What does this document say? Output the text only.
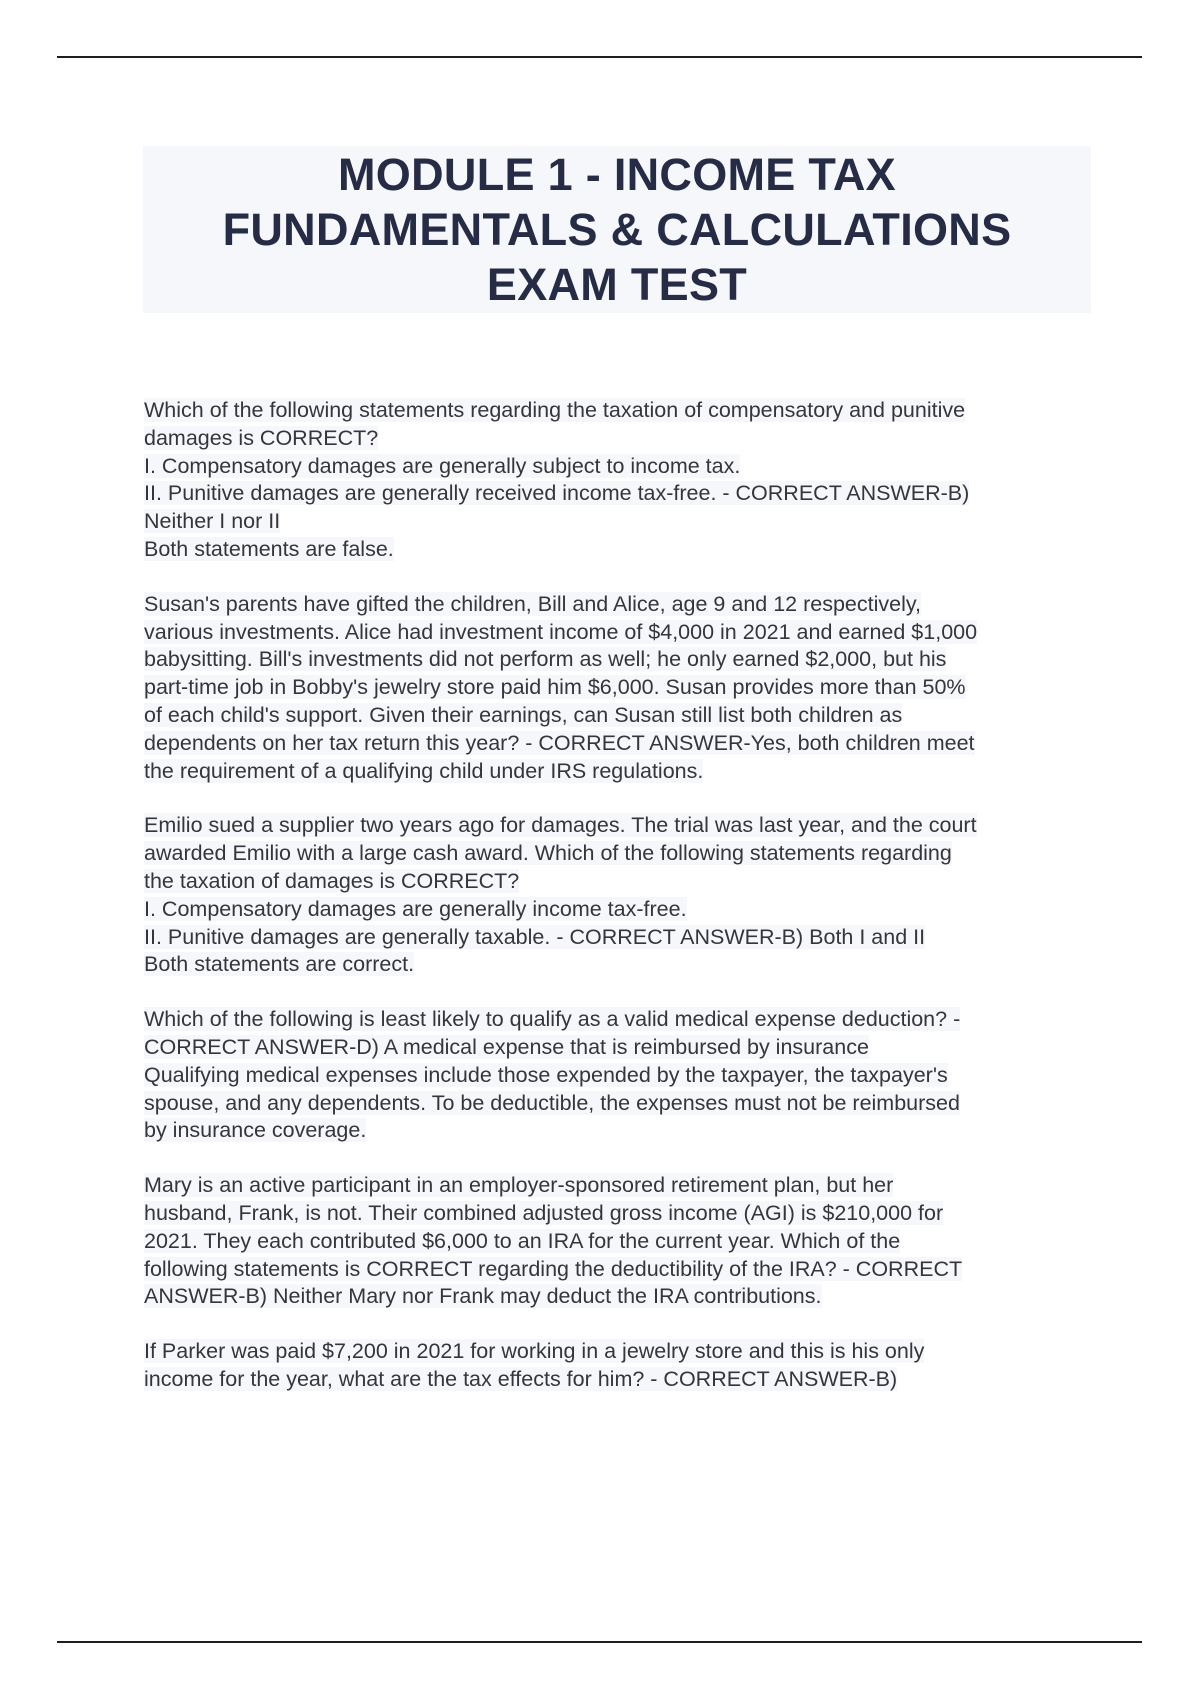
MODULE 1 - INCOME TAX
FUNDAMENTALS & CALCULATIONS
EXAM TEST
Which of the following statements regarding the taxation of compensatory and punitive
damages is CORRECT?
I. Compensatory damages are generally subject to income tax.
II. Punitive damages are generally received income tax-free. - CORRECT ANSWER-B)
Neither I nor II
Both statements are false.
Susan's parents have gifted the children, Bill and Alice, age 9 and 12 respectively,
various investments. Alice had investment income of $4,000 in 2021 and earned $1,000
babysitting. Bill's investments did not perform as well; he only earned $2,000, but his
part-time job in Bobby's jewelry store paid him $6,000. Susan provides more than 50%
of each child's support. Given their earnings, can Susan still list both children as
dependents on her tax return this year? - CORRECT ANSWER-Yes, both children meet
the requirement of a qualifying child under IRS regulations.
Emilio sued a supplier two years ago for damages. The trial was last year, and the court
awarded Emilio with a large cash award. Which of the following statements regarding
the taxation of damages is CORRECT?
I. Compensatory damages are generally income tax-free.
II. Punitive damages are generally taxable. - CORRECT ANSWER-B) Both I and II
Both statements are correct.
Which of the following is least likely to qualify as a valid medical expense deduction? -
CORRECT ANSWER-D) A medical expense that is reimbursed by insurance
Qualifying medical expenses include those expended by the taxpayer, the taxpayer's
spouse, and any dependents. To be deductible, the expenses must not be reimbursed
by insurance coverage.
Mary is an active participant in an employer-sponsored retirement plan, but her
husband, Frank, is not. Their combined adjusted gross income (AGI) is $210,000 for
2021. They each contributed $6,000 to an IRA for the current year. Which of the
following statements is CORRECT regarding the deductibility of the IRA? - CORRECT
ANSWER-B) Neither Mary nor Frank may deduct the IRA contributions.
If Parker was paid $7,200 in 2021 for working in a jewelry store and this is his only
income for the year, what are the tax effects for him? - CORRECT ANSWER-B)
